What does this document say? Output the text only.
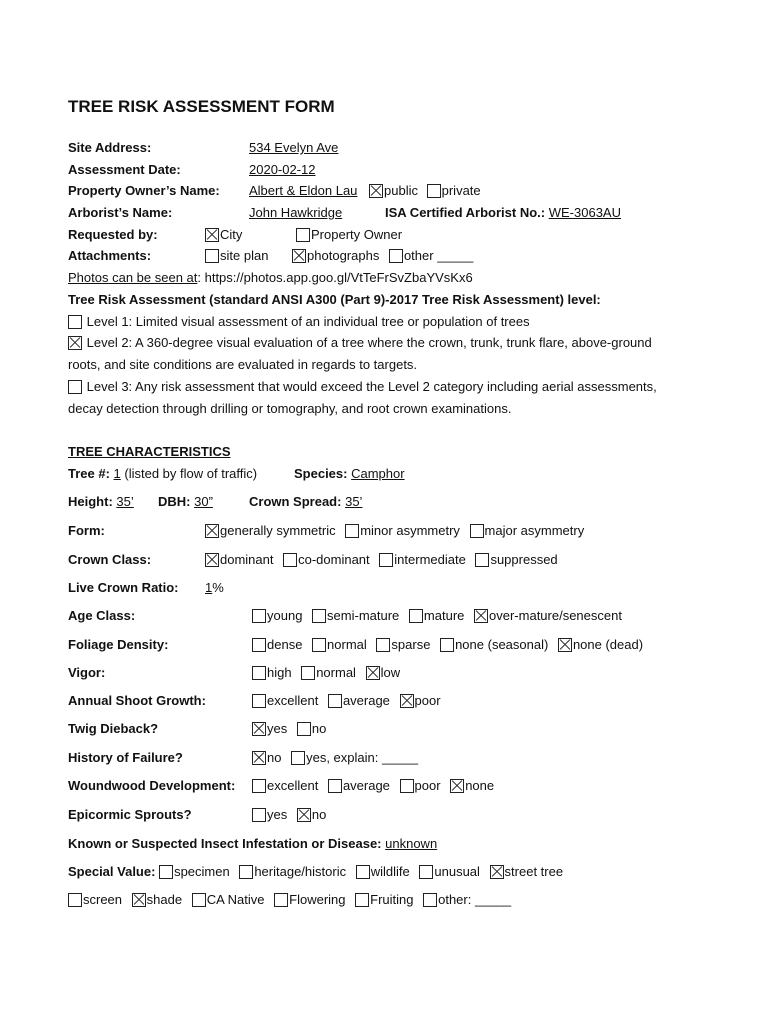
TREE RISK ASSESSMENT FORM
Site Address:	534 Evelyn Ave
Assessment Date:	2020-02-12
Property Owner’s Name: Albert & Eldon Lau public private
Arborist’s Name:	John Hawkridge	ISA Certified Arborist No.: WE-3063AU
Requested by:	City	Property Owner
Attachments:	site plan	photographs other _____
Photos can be seen at: https://photos.app.goo.gl/VtTeFrSvZbaYVsKx6
Tree Risk Assessment (standard ANSI A300 (Part 9)-2017 Tree Risk Assessment) level:
Level 1: Limited visual assessment of an individual tree or population of trees
Level 2: A 360-degree visual evaluation of a tree where the crown, trunk, trunk flare, above-ground
roots, and site conditions are evaluated in regards to targets.
Level 3: Any risk assessment that would exceed the Level 2 category including aerial assessments,
decay detection through drilling or tomography, and root crown examinations.
TREE CHARACTERISTICS
Tree #: 1 (listed by flow of traffic)	Species: Camphor
Height: 35’ DBH: 30”	Crown Spread: 35’
Form:	generally symmetric minor asymmetry major asymmetry
Crown Class:	dominant co-dominant intermediate suppressed
Live Crown Ratio: 1%
Age Class:	young semi-mature mature over-mature/senescent
Foliage Density:	dense normal sparse none (seasonal) none (dead)
Vigor:	high normal low
Annual Shoot Growth:	excellent average poor
Twig Dieback?	yes no
History of Failure?	no yes, explain: _____
Woundwood Development:	excellent average poor none
Epicormic Sprouts?	yes no
Known or Suspected Insect Infestation or Disease: unknown
Special Value: specimen heritage/historic wildlife unusual street tree
screen shade CA Native Flowering Fruiting other: _____
